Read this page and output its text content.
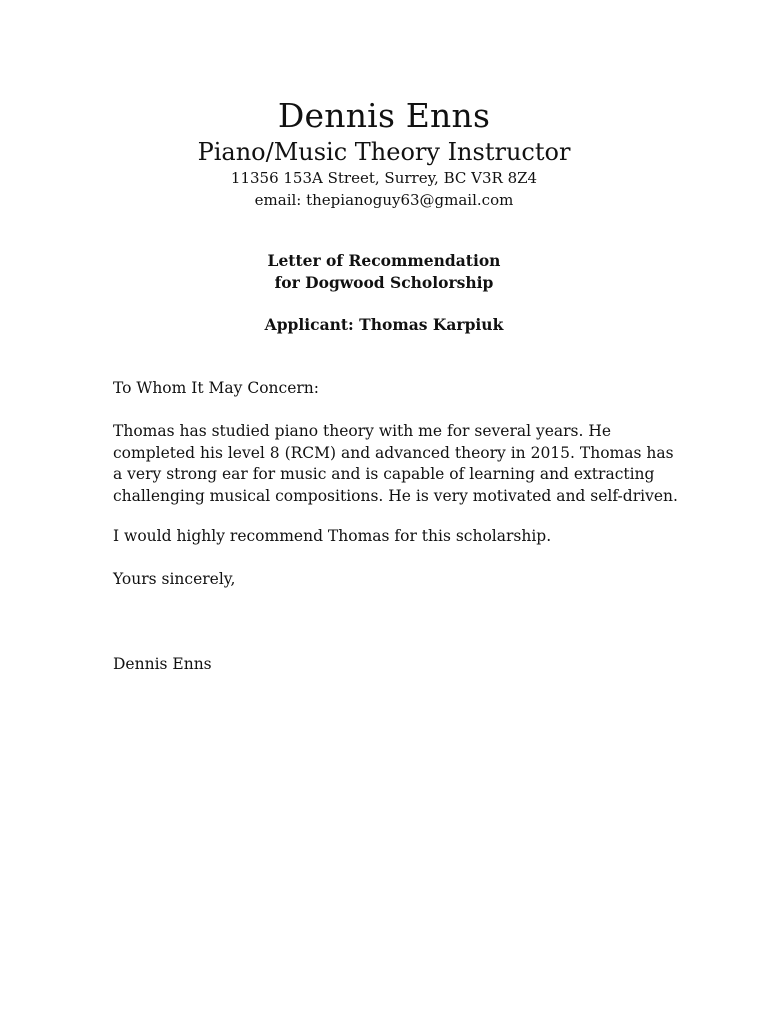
Dennis Enns
Piano/Music Theory Instructor
11356 153A Street, Surrey, BC V3R 8Z4
email: thepianoguy63@gmail.com
Letter of Recommendation
for Dogwood Scholorship
Applicant: Thomas Karpiuk
To Whom It May Concern:
Thomas has studied piano theory with me for several years. He
completed his level 8 (RCM) and advanced theory in 2015. Thomas has
a very strong ear for music and is capable of learning and extracting
challenging musical compositions. He is very motivated and self-driven.
I would highly recommend Thomas for this scholarship.
Yours sincerely,
Dennis Enns
